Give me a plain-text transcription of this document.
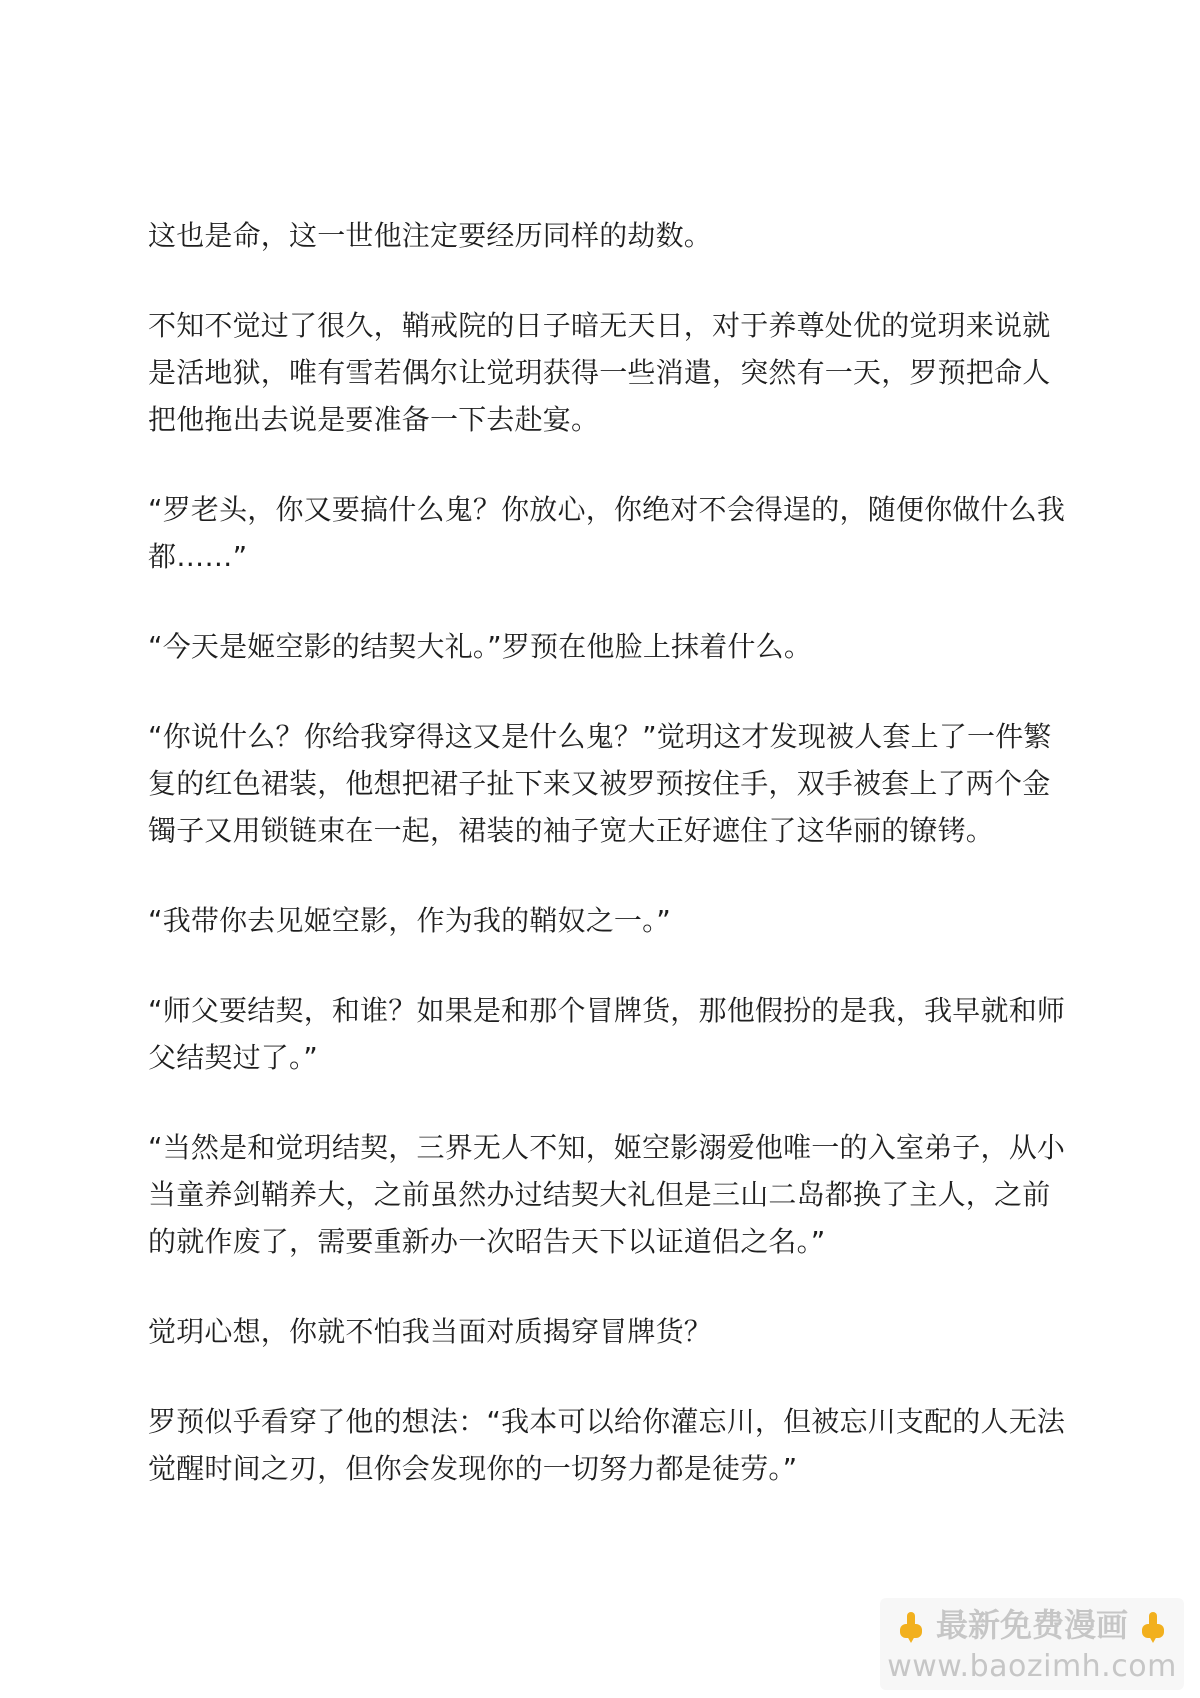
这也是命，这一世他注定要经历同样的劫数。

不知不觉过了很久，鞘戒院的日子暗无天日，对于养尊处优的觉玥来说就是活地狱，唯有雪若偶尔让觉玥获得一些消遣，突然有一天，罗预把命人把他拖出去说是要准备一下去赴宴。

“罗老头，你又要搞什么鬼？你放心，你绝对不会得逞的，随便你做什么我都……”

“今天是姬空影的结契大礼。”罗预在他脸上抹着什么。

“你说什么？你给我穿得这又是什么鬼？”觉玥这才发现被人套上了一件繁复的红色裙装，他想把裙子扯下来又被罗预按住手，双手被套上了两个金镯子又用锁链束在一起，裙装的袖子宽大正好遮住了这华丽的镣铐。

“我带你去见姬空影，作为我的鞘奴之一。”

“师父要结契，和谁？如果是和那个冒牌货，那他假扮的是我，我早就和师父结契过了。”

“当然是和觉玥结契，三界无人不知，姬空影溺爱他唯一的入室弟子，从小当童养剑鞘养大，之前虽然办过结契大礼但是三山二岛都换了主人，之前的就作废了，需要重新办一次昭告天下以证道侣之名。”

觉玥心想，你就不怕我当面对质揭穿冒牌货？

罗预似乎看穿了他的想法：“我本可以给你灌忘川，但被忘川支配的人无法觉醒时间之刃，但你会发现你的一切努力都是徒劳。”

最新免费漫画
www.baozimh.com
